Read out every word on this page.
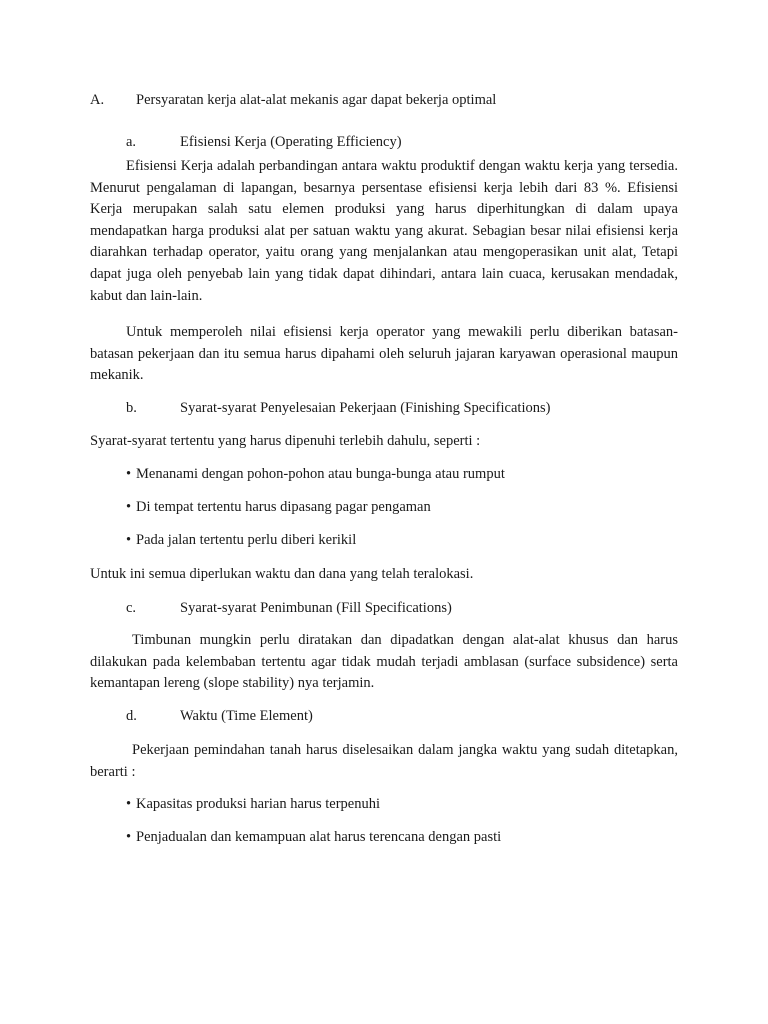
A. Persyaratan kerja alat-alat mekanis agar dapat bekerja optimal
a.	Efisiensi Kerja (Operating Efficiency)

Efisiensi Kerja adalah perbandingan antara waktu produktif dengan waktu kerja yang tersedia. Menurut pengalaman di lapangan, besarnya persentase efisiensi kerja lebih dari 83 %. Efisiensi Kerja merupakan salah satu elemen produksi yang harus diperhitungkan di dalam upaya mendapatkan harga produksi alat per satuan waktu yang akurat. Sebagian besar nilai efisiensi kerja diarahkan terhadap operator, yaitu orang yang menjalankan atau mengoperasikan unit alat, Tetapi dapat juga oleh penyebab lain yang tidak dapat dihindari, antara lain cuaca, kerusakan mendadak, kabut dan lain-lain.

Untuk memperoleh nilai efisiensi kerja operator yang mewakili perlu diberikan batasan-batasan pekerjaan dan itu semua harus dipahami oleh seluruh jajaran karyawan operasional maupun mekanik.

b.	Syarat-syarat Penyelesaian Pekerjaan (Finishing Specifications)
Syarat-syarat tertentu yang harus dipenuhi terlebih dahulu, seperti :
• Menanami dengan pohon-pohon atau bunga-bunga atau rumput
• Di tempat tertentu harus dipasang pagar pengaman
• Pada jalan tertentu perlu diberi kerikil
Untuk ini semua diperlukan waktu dan dana yang telah teralokasi.
c.	Syarat-syarat Penimbunan (Fill Specifications)

Timbunan mungkin perlu diratakan dan dipadatkan dengan alat-alat khusus dan harus dilakukan pada kelembaban tertentu agar tidak mudah terjadi amblasan (surface subsidence) serta kemantapan lereng (slope stability) nya terjamin.

d.	Waktu (Time Element)

Pekerjaan pemindahan tanah harus diselesaikan dalam jangka waktu yang sudah ditetapkan, berarti :

• Kapasitas produksi harian harus terpenuhi
• Penjadualan dan kemampuan alat harus terencana dengan pasti
